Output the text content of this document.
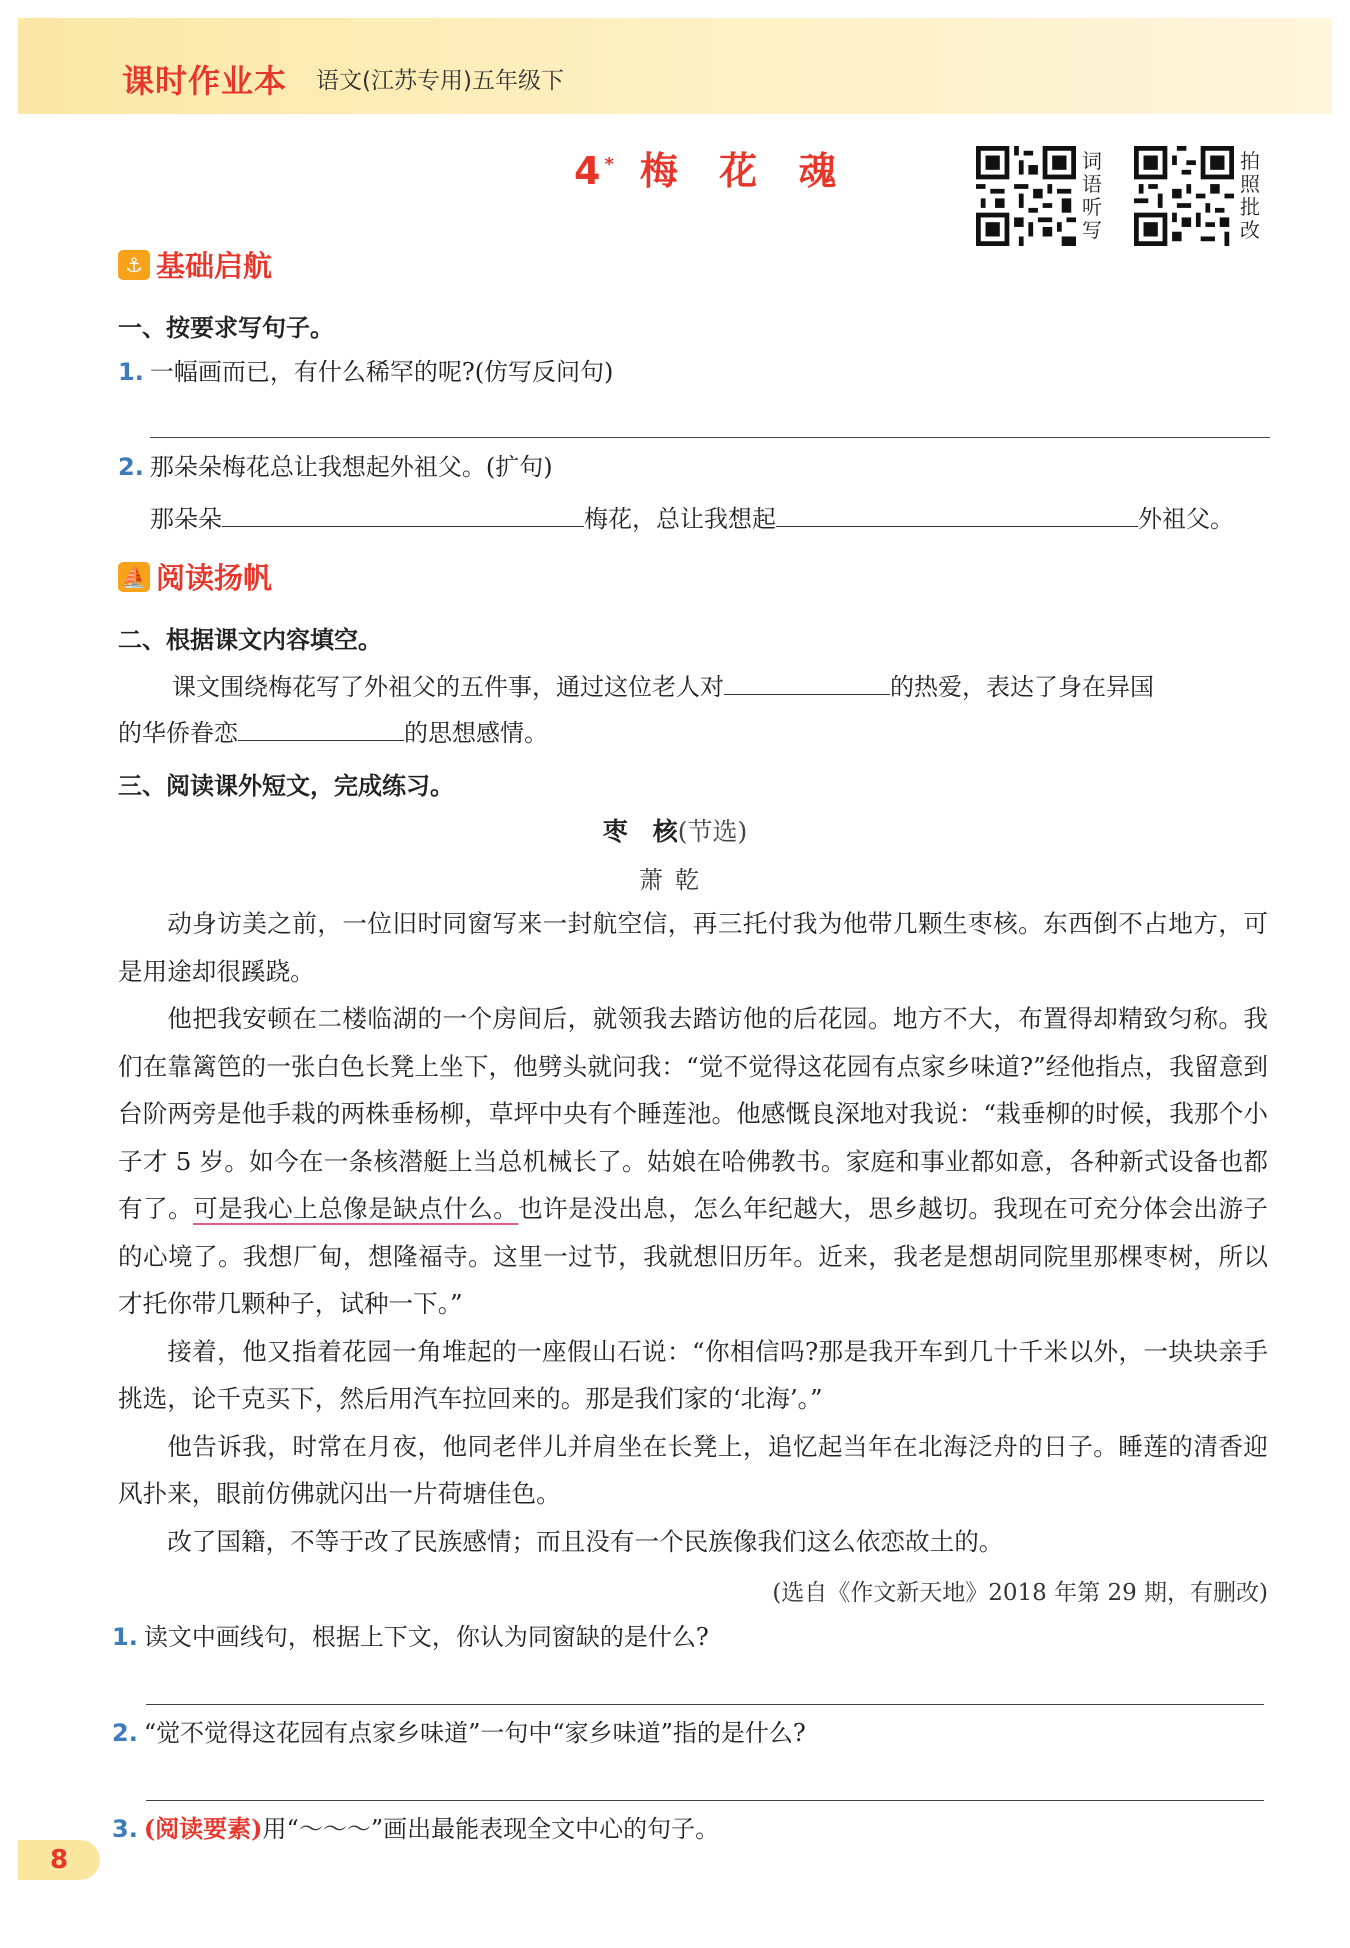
课时作业本 语文(江苏专用)五年级下
4 * 梅 花 魂	词
语
听
写
拍
照
批
改
⚓ 基础启航
一、按要求写句子。
1. 一幅画而已，有什么稀罕的呢?(仿写反问句)
2. 那朵朵梅花总让我想起外祖父。(扩句)
那朵朵	梅花，总让我想起	外祖父。
⛵ 阅读扬帆
二、根据课文内容填空。
课文围绕梅花写了外祖父的五件事，通过这位老人对	的热爱，表达了身在异国
的华侨眷恋	的思想感情。
三、阅读课外短文，完成练习。
枣　核(节选)
萧乾

动身访美之前，一位旧时同窗写来一封航空信，再三托付我为他带几颗生枣核。东西倒不占地方，可是用途却很蹊跷。

他把我安顿在二楼临湖的一个房间后，就领我去踏访他的后花园。地方不大，布置得却精致匀称。我们在靠篱笆的一张白色长凳上坐下，他劈头就问我：“觉不觉得这花园有点家乡味道?”经他指点，我留意到台阶两旁是他手栽的两株垂杨柳，草坪中央有个睡莲池。他感慨良深地对我说：“栽垂柳的时候，我那个小子才 5 岁。如今在一条核潜艇上当总机械长了。姑娘在哈佛教书。家庭和事业都如意，各种新式设备也都有了。可是我心上总像是缺点什么。也许是没出息，怎么年纪越大，思乡越切。我现在可充分体会出游子的心境了。我想厂甸，想隆福寺。这里一过节，我就想旧历年。近来，我老是想胡同院里那棵枣树，所以才托你带几颗种子，试种一下。”

接着，他又指着花园一角堆起的一座假山石说：“你相信吗?那是我开车到几十千米以外，一块块亲手挑选，论千克买下，然后用汽车拉回来的。那是我们家的‘北海’。”

他告诉我，时常在月夜，他同老伴儿并肩坐在长凳上，追忆起当年在北海泛舟的日子。睡莲的清香迎风扑来，眼前仿佛就闪出一片荷塘佳色。

改了国籍，不等于改了民族感情；而且没有一个民族像我们这么依恋故土的。

(选自《作文新天地》2018 年第 29 期，有删改)
1. 读文中画线句，根据上下文，你认为同窗缺的是什么?
2. “觉不觉得这花园有点家乡味道”一句中“家乡味道”指的是什么?
3. (阅读要素)用“～～～”画出最能表现全文中心的句子。
8
